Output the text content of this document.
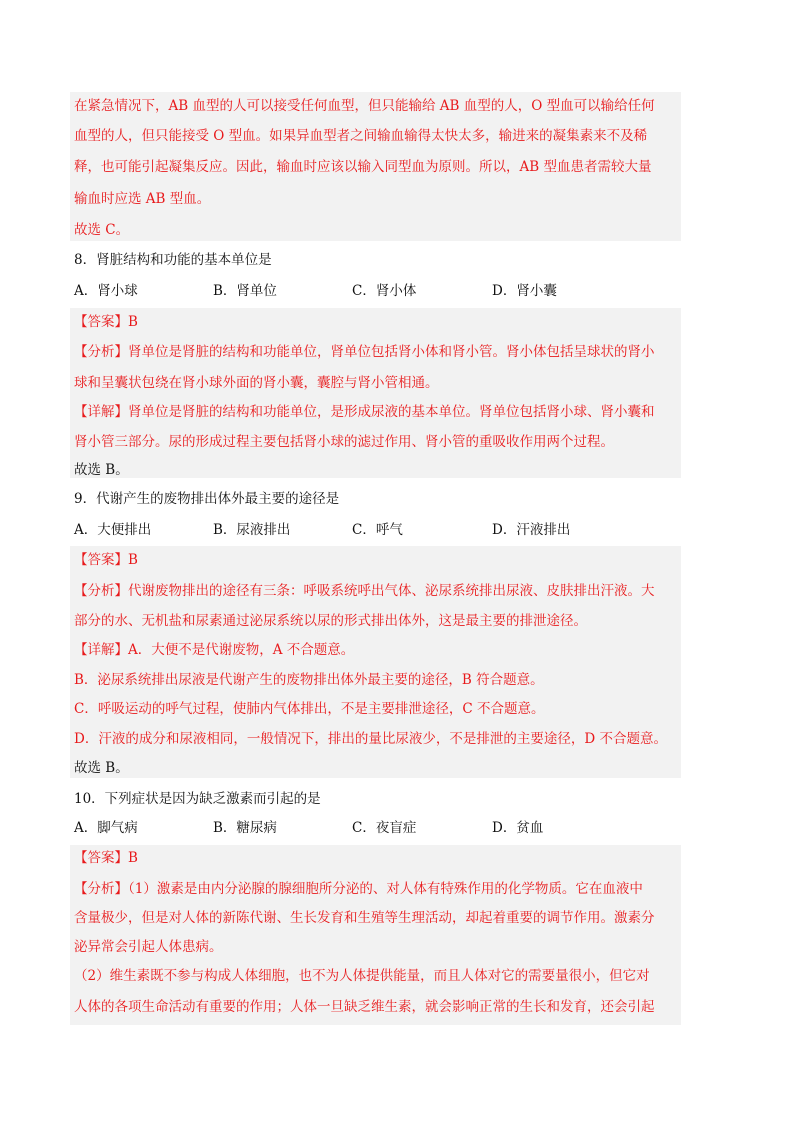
在紧急情况下，AB 血型的人可以接受任何血型，但只能输给 AB 血型的人，O 型血可以输给任何
血型的人，但只能接受 O 型血。如果异血型者之间输血输得太快太多，输进来的凝集素来不及稀
释，也可能引起凝集反应。因此，输血时应该以输入同型血为原则。所以，AB 型血患者需较大量
输血时应选 AB 型血。
故选 C。
8．肾脏结构和功能的基本单位是
A．肾小球	B．肾单位	C．肾小体	D．肾小囊
【答案】B
【分析】肾单位是肾脏的结构和功能单位，肾单位包括肾小体和肾小管。肾小体包括呈球状的肾小
球和呈囊状包绕在肾小球外面的肾小囊，囊腔与肾小管相通。
【详解】肾单位是肾脏的结构和功能单位，是形成尿液的基本单位。肾单位包括肾小球、肾小囊和
肾小管三部分。尿的形成过程主要包括肾小球的滤过作用、肾小管的重吸收作用两个过程。
故选 B。
9．代谢产生的废物排出体外最主要的途径是
A．大便排出	B．尿液排出	C．呼气	D．汗液排出
【答案】B
【分析】代谢废物排出的途径有三条：呼吸系统呼出气体、泌尿系统排出尿液、皮肤排出汗液。大
部分的水、无机盐和尿素通过泌尿系统以尿的形式排出体外，这是最主要的排泄途径。
【详解】A．大便不是代谢废物，A 不合题意。
B．泌尿系统排出尿液是代谢产生的废物排出体外最主要的途径，B 符合题意。
C．呼吸运动的呼气过程，使肺内气体排出，不是主要排泄途径，C 不合题意。
D．汗液的成分和尿液相同，一般情况下，排出的量比尿液少，不是排泄的主要途径，D 不合题意。
故选 B。
10．下列症状是因为缺乏激素而引起的是
A．脚气病	B．糖尿病	C．夜盲症	D．贫血
【答案】B
【分析】（1）激素是由内分泌腺的腺细胞所分泌的、对人体有特殊作用的化学物质。它在血液中
含量极少，但是对人体的新陈代谢、生长发育和生殖等生理活动，却起着重要的调节作用。激素分
泌异常会引起人体患病。
（2）维生素既不参与构成人体细胞，也不为人体提供能量，而且人体对它的需要量很小，但它对
人体的各项生命活动有重要的作用；人体一旦缺乏维生素，就会影响正常的生长和发育，还会引起
